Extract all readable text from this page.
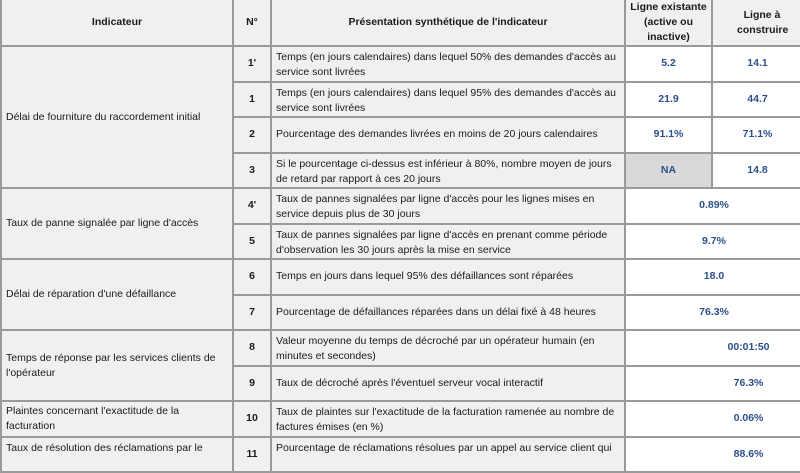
Indicateur	N°	Présentation synthétique de l'indicateur	Ligne existante (active ou inactive)	Ligne à construire
Délai de fourniture du raccordement initial	1'	Temps (en jours calendaires) dans lequel 50% des demandes d'accès au service sont livrées	5.2	14.1
	1	Temps (en jours calendaires) dans lequel 95% des demandes d'accès au service sont livrées	21.9	44.7
	2	Pourcentage des demandes livrées en moins de 20 jours calendaires	91.1%	71.1%
	3	Si le pourcentage ci-dessus est inférieur à 80%, nombre moyen de jours de retard par rapport à ces 20 jours	NA	14.8
Taux de panne signalée par ligne d'accès	4'	Taux de pannes signalées par ligne d'accès pour les lignes mises en service depuis plus de 30 jours	0.89%	
	5	Taux de pannes signalées par ligne d'accès en prenant comme période d'observation les 30 jours après la mise en service	9.7%	
Délai de réparation d'une défaillance	6	Temps en jours dans lequel 95% des défaillances sont réparées	18.0	
	7	Pourcentage de défaillances réparées dans un délai fixé à 48 heures	76.3%	
Temps de réponse par les services clients de l'opérateur	8	Valeur moyenne du temps de décroché par un opérateur humain (en minutes et secondes)	00:01:50	
	9	Taux de décroché après l'éventuel serveur vocal interactif	76.3%	
Plaintes concernant l'exactitude de la facturation	10	Taux de plaintes sur l'exactitude de la facturation ramenée au nombre de factures émises (en %)	0.06%	
Taux de résolution des réclamations par le	11	Pourcentage de réclamations résolues par un appel au service client qui	88.6%	
